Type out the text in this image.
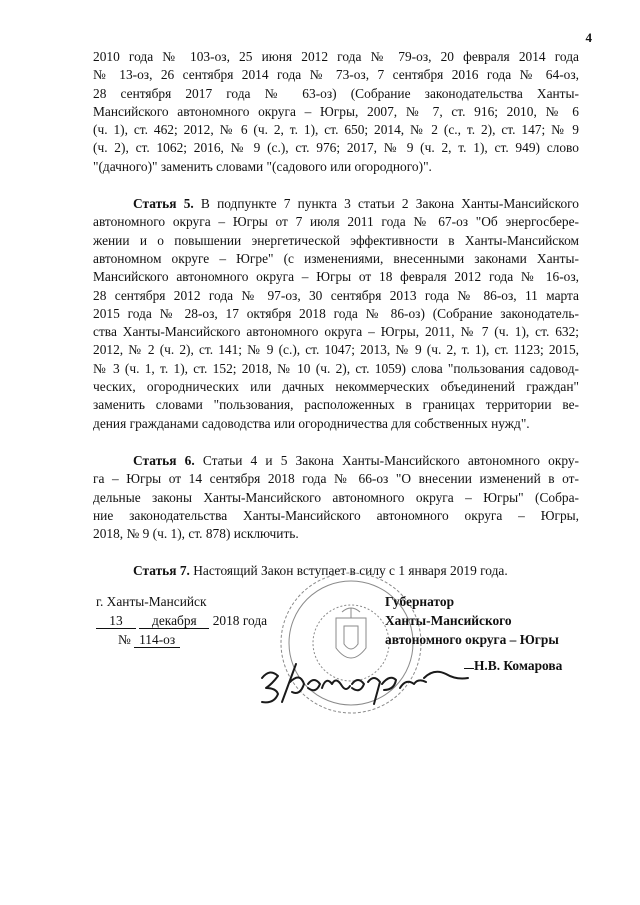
4
2010 года № 103-оз, 25 июня 2012 года № 79-оз, 20 февраля 2014 года
№ 13-оз, 26 сентября 2014 года № 73-оз, 7 сентября 2016 года № 64-оз,
28 сентября 2017 года № 63-оз) (Собрание законодательства Ханты-
Мансийского автономного округа – Югры, 2007, № 7, ст. 916; 2010, № 6
(ч. 1), ст. 462; 2012, № 6 (ч. 2, т. 1), ст. 650; 2014, № 2 (с., т. 2), ст. 147; № 9
(ч. 2), ст. 1062; 2016, № 9 (с.), ст. 976; 2017, № 9 (ч. 2, т. 1), ст. 949) слово
"(дачного)" заменить словами "(садового или огородного)".
Статья 5. В подпункте 7 пункта 3 статьи 2 Закона Ханты-Мансийского
автономного округа – Югры от 7 июля 2011 года № 67-оз "Об энергосбере-
жении и о повышении энергетической эффективности в Ханты-Мансийском
автономном округе – Югре" (с изменениями, внесенными законами Ханты-
Мансийского автономного округа – Югры от 18 февраля 2012 года № 16-оз,
28 сентября 2012 года № 97-оз, 30 сентября 2013 года № 86-оз, 11 марта
2015 года № 28-оз, 17 октября 2018 года № 86-оз) (Собрание законодатель-
ства Ханты-Мансийского автономного округа – Югры, 2011, № 7 (ч. 1), ст. 632;
2012, № 2 (ч. 2), ст. 141; № 9 (с.), ст. 1047; 2013, № 9 (ч. 2, т. 1), ст. 1123; 2015,
№ 3 (ч. 1, т. 1), ст. 152; 2018, № 10 (ч. 2), ст. 1059) слова "пользования садовод-
ческих, огороднических или дачных некоммерческих объединений граждан"
заменить словами "пользования, расположенных в границах территории ве-
дения гражданами садоводства или огородничества для собственных нужд".
Статья 6. Статьи 4 и 5 Закона Ханты-Мансийского автономного окру-
га – Югры от 14 сентября 2018 года № 66-оз "О внесении изменений в от-
дельные законы Ханты-Мансийского автономного округа – Югры" (Собра-
ние законодательства Ханты-Мансийского автономного округа – Югры,
2018, № 9 (ч. 1), ст. 878) исключить.
Статья 7. Настоящий Закон вступает в силу с 1 января 2019 года.
г. Ханты-Мансийск
13 декабря 2018 года
№ 114-оз
Губернатор
Ханты-Мансийского
автономного округа – Югры
Н.В. Комарова
